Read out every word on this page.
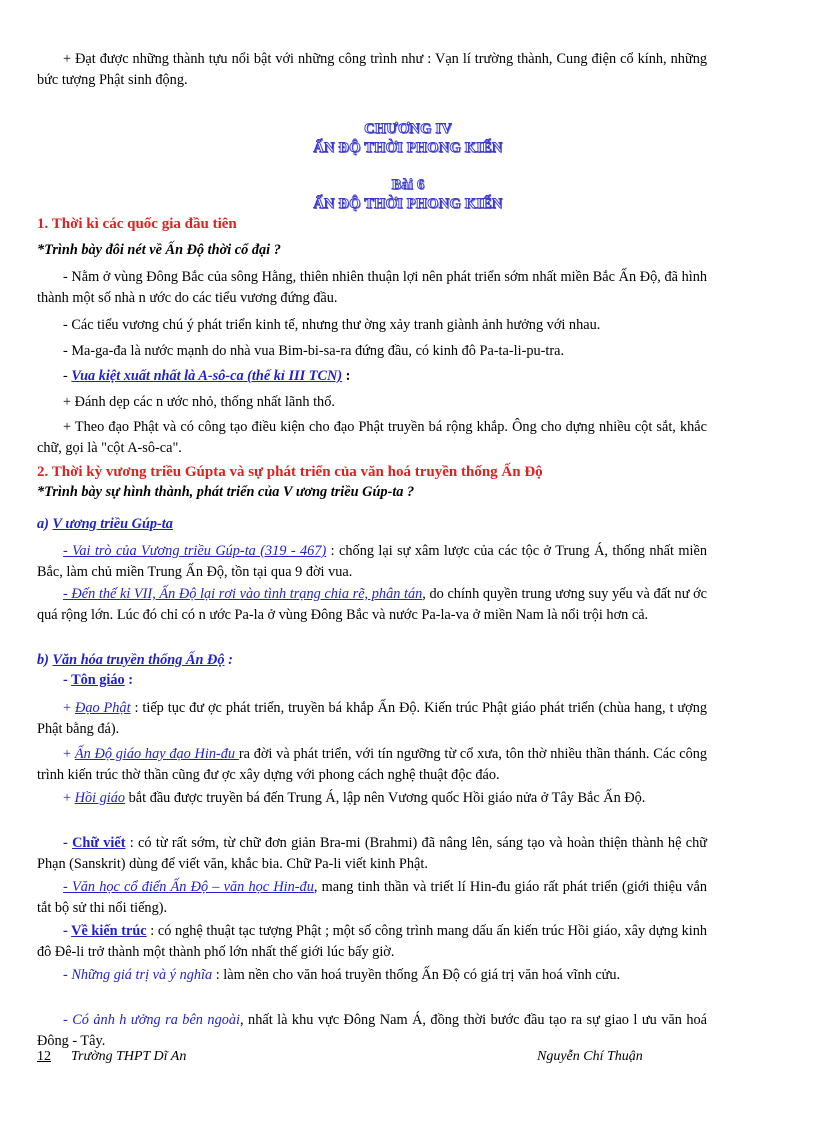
+ Đạt được những thành tựu nổi bật với những công trình như : Vạn lí trường thành, Cung điện cổ kính, những bức tượng Phật sinh động.

CHƯƠNG IV
ẤN ĐỘ THỜI PHONG KIẾN
Bài 6
ẤN ĐỘ THỜI PHONG KIẾN
1. Thời kì các quốc gia đầu tiên
*Trình bày đôi nét về Ấn Độ thời cổ đại ?

- Nằm ở vùng Đông Bắc của sông Hằng, thiên nhiên thuận lợi nên phát triển sớm nhất miền Bắc Ấn Độ, đã hình thành một số nhà n ước do các tiểu vương đứng đầu.

- Các tiểu vương chú ý phát triển kinh tế, nhưng thư ờng xảy tranh giành ảnh hưởng với nhau.

- Ma-ga-đa là nước mạnh do nhà vua Bim-bi-sa-ra đứng đầu, có kinh đô Pa-ta-li-pu-tra.

- Vua kiệt xuất nhất là A-sô-ca (thế kỉ III TCN) :

+ Đánh dẹp các n ước nhỏ, thống nhất lãnh thổ.

+ Theo đạo Phật và có công tạo điều kiện cho đạo Phật truyền bá rộng khắp. Ông cho dựng nhiều cột sắt, khắc chữ, gọi là "cột A-sô-ca".

2. Thời kỳ vương triều Gúpta và sự phát triển của văn hoá truyền thống Ấn Độ
*Trình bày sự hình thành, phát triển của V ương triều Gúp-ta ?
a) V ương triều Gúp-ta

- Vai trò của Vương triều Gúp-ta (319 - 467) : chống lại sự xâm lược của các tộc ở Trung Á, thống nhất miền Bắc, làm chủ miền Trung Ấn Độ, tồn tại qua 9 đời vua.

- Đến thế kỉ VII, Ấn Độ lại rơi vào tình trạng chia rẽ, phân tán, do chính quyền trung ương suy yếu và đất nư ớc quá rộng lớn. Lúc đó chỉ có n ước Pa-la ở vùng Đông Bắc và nước Pa-la-va ở miền Nam là nổi trội hơn cả.

b) Văn hóa truyền thống Ấn Độ :

- Tôn giáo :

+ Đạo Phật : tiếp tục đư ợc phát triển, truyền bá khắp Ấn Độ. Kiến trúc Phật giáo phát triển (chùa hang, t ượng Phật bằng đá).

+ Ấn Độ giáo hay đạo Hin-đu ra đời và phát triển, với tín ngưỡng từ cổ xưa, tôn thờ nhiều thần thánh. Các công trình kiến trúc thờ thần cũng đư ợc xây dựng với phong cách nghệ thuật độc đáo.

+ Hồi giáo bắt đầu được truyền bá đến Trung Á, lập nên Vương quốc Hồi giáo nửa ở Tây Bắc Ấn Độ.

- Chữ viết : có từ rất sớm, từ chữ đơn giản Bra-mi (Brahmi) đã nâng lên, sáng tạo và hoàn thiện thành hệ chữ Phạn (Sanskrit) dùng để viết văn, khắc bia. Chữ Pa-li viết kinh Phật.

- Văn học cổ điển Ấn Độ – văn học Hin-đu, mang tinh thần và triết lí Hin-đu giáo rất phát triển (giới thiệu vắn tắt bộ sử thi nổi tiếng).

- Về kiến trúc : có nghệ thuật tạc tượng Phật ; một số công trình mang dấu ấn kiến trúc Hồi giáo, xây dựng kinh đô Đê-li trở thành một thành phố lớn nhất thế giới lúc bấy giờ.

- Những giá trị và ý nghĩa : làm nền cho văn hoá truyền thống Ấn Độ có giá trị văn hoá vĩnh cửu.

- Có ảnh h ưởng ra bên ngoài, nhất là khu vực Đông Nam Á, đồng thời bước đầu tạo ra sự giao l ưu văn hoá Đông - Tây.

12 Trường THPT Dĩ An	Nguyễn Chí Thuận
